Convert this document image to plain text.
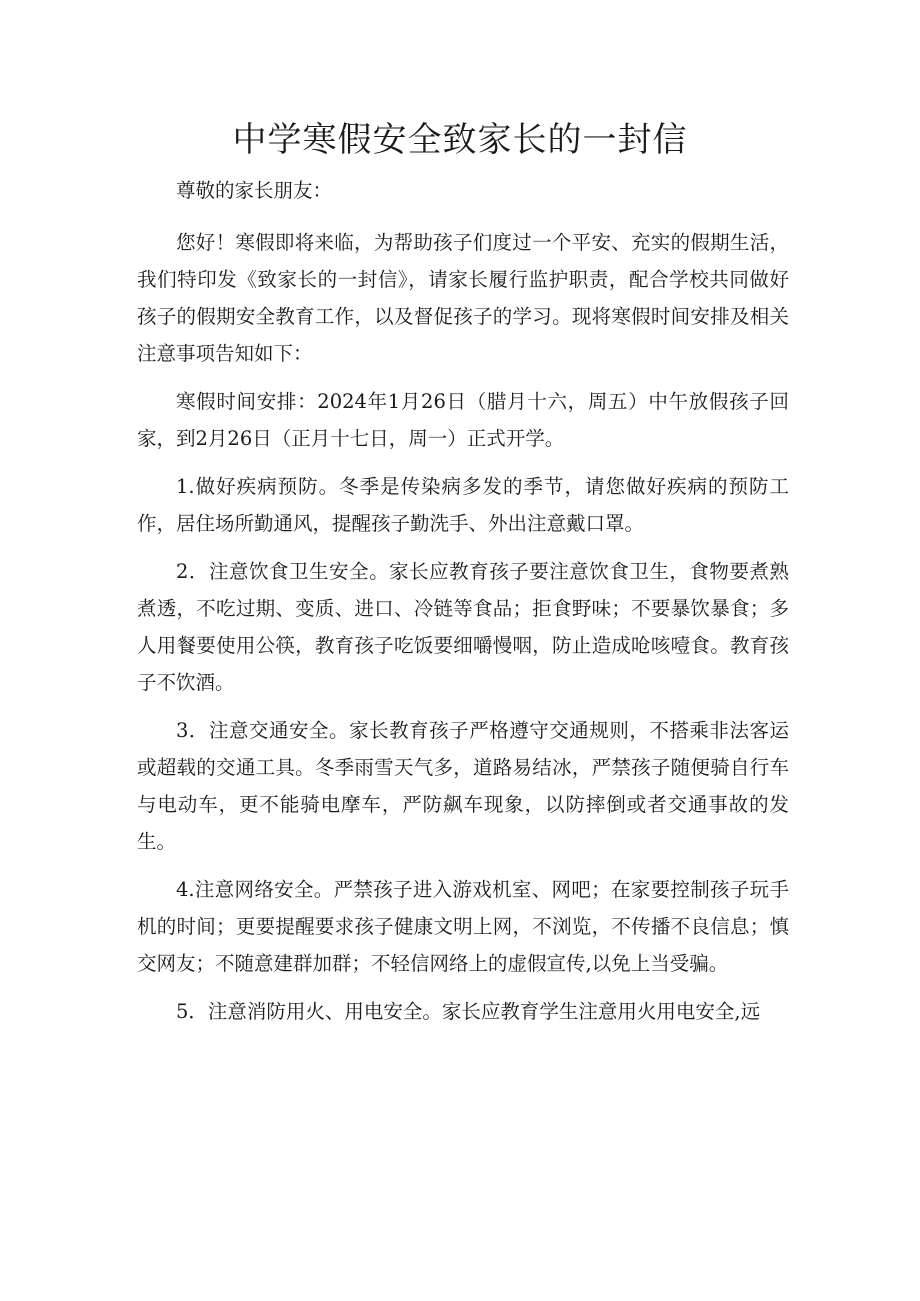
中学寒假安全致家长的一封信

尊敬的家长朋友：

您好！寒假即将来临，为帮助孩子们度过一个平安、充实的假期生活，我们特印发《致家长的一封信》，请家长履行监护职责，配合学校共同做好孩子的假期安全教育工作，以及督促孩子的学习。现将寒假时间安排及相关注意事项告知如下：

寒假时间安排：2024年1月26日（腊月十六，周五）中午放假孩子回家，到2月26日（正月十七日，周一）正式开学。

1.做好疾病预防。冬季是传染病多发的季节，请您做好疾病的预防工作，居住场所勤通风，提醒孩子勤洗手、外出注意戴口罩。

2．注意饮食卫生安全。家长应教育孩子要注意饮食卫生，食物要煮熟煮透，不吃过期、变质、进口、冷链等食品；拒食野味；不要暴饮暴食；多人用餐要使用公筷，教育孩子吃饭要细嚼慢咽，防止造成呛咳噎食。教育孩子不饮酒。

3．注意交通安全。家长教育孩子严格遵守交通规则，不搭乘非法客运或超载的交通工具。冬季雨雪天气多，道路易结冰，严禁孩子随便骑自行车与电动车，更不能骑电摩车，严防飙车现象，以防摔倒或者交通事故的发生。

4.注意网络安全。严禁孩子进入游戏机室、网吧；在家要控制孩子玩手机的时间；更要提醒要求孩子健康文明上网，不浏览，不传播不良信息；慎交网友；不随意建群加群；不轻信网络上的虚假宣传,以免上当受骗。

5．注意消防用火、用电安全。家长应教育学生注意用火用电安全,远
